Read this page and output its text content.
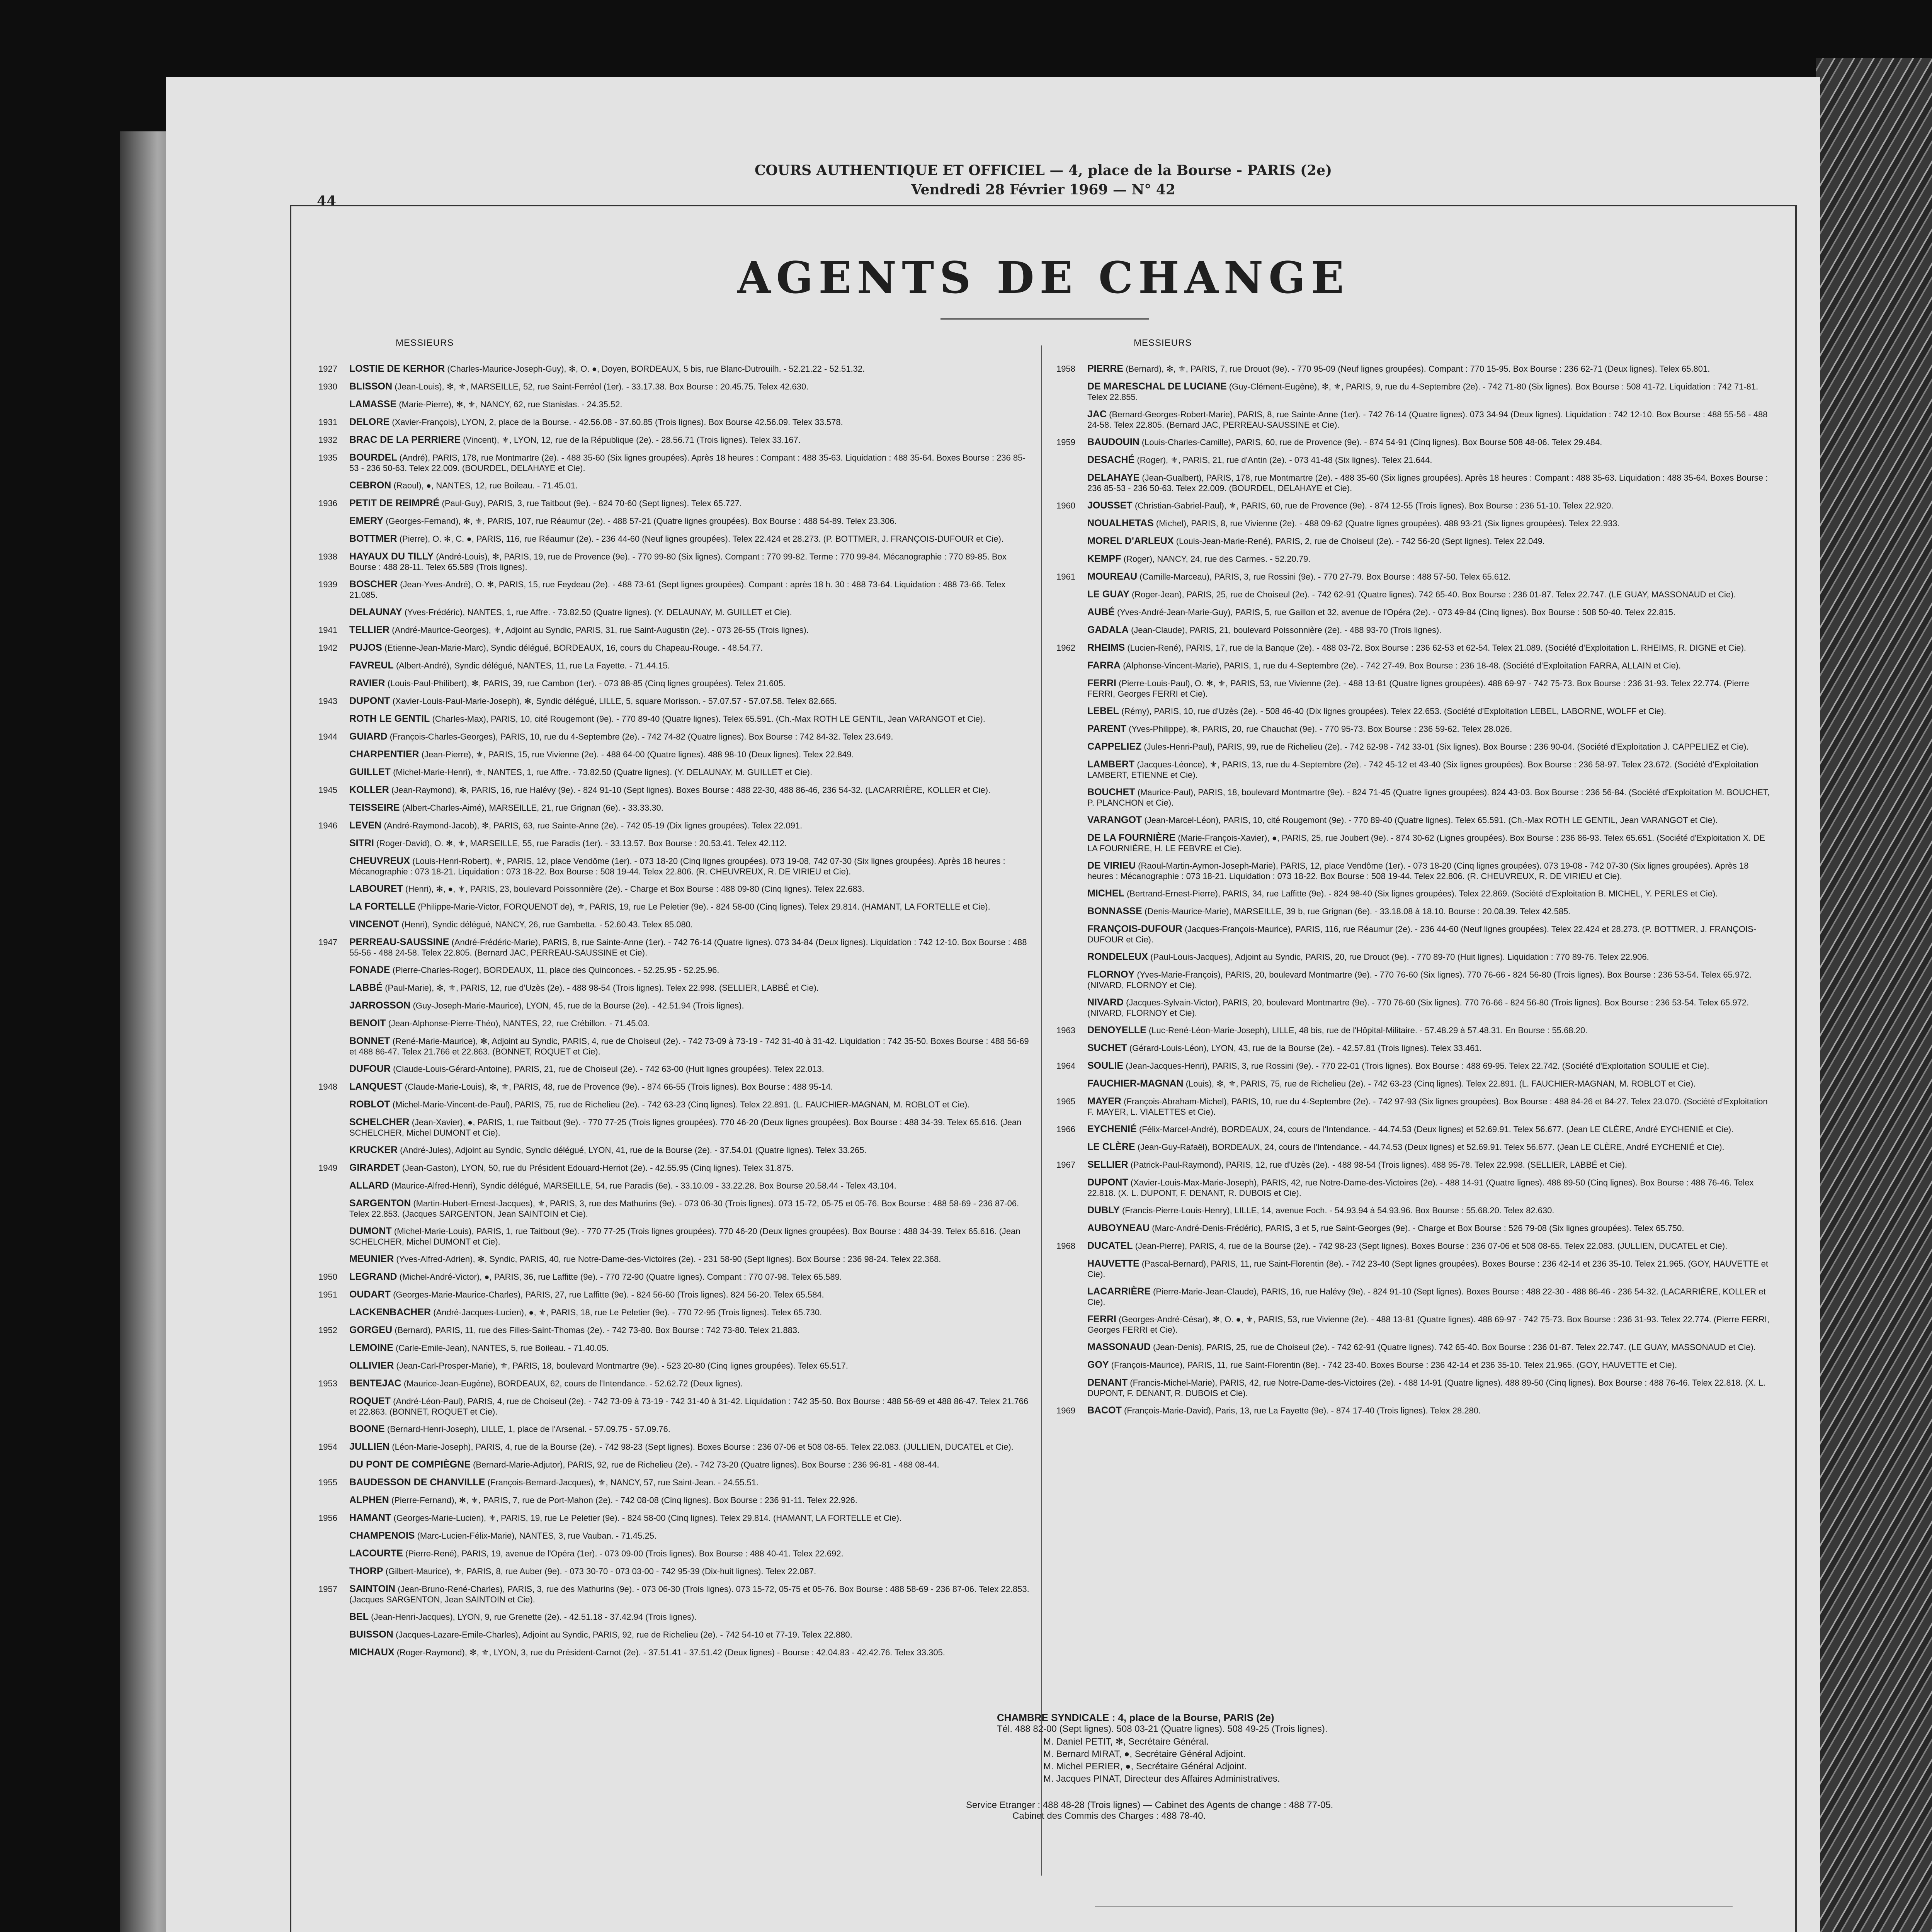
44
COURS AUTHENTIQUE ET OFFICIEL — 4, place de la Bourse - PARIS (2e)
Vendredi 28 Février 1969 — N° 42
AGENTS DE CHANGE
MESSIEURS
1927	LOSTIE DE KERHOR (Charles-Maurice-Joseph-Guy), ✻, O. ●, Doyen, BORDEAUX, 5 bis, rue Blanc-Dutrouilh. - 52.21.22 - 52.51.32.
1930	BLISSON (Jean-Louis), ✻, ⚜, MARSEILLE, 52, rue Saint-Ferréol (1er). - 33.17.38. Box Bourse : 20.45.75. Telex 42.630.
LAMASSE (Marie-Pierre), ✻, ⚜, NANCY, 62, rue Stanislas. - 24.35.52.
1931	DELORE (Xavier-François), LYON, 2, place de la Bourse. - 42.56.08 - 37.60.85 (Trois lignes). Box Bourse 42.56.09. Telex 33.578.
1932	BRAC DE LA PERRIERE (Vincent), ⚜, LYON, 12, rue de la République (2e). - 28.56.71 (Trois lignes). Telex 33.167.
1935	BOURDEL (André), PARIS, 178, rue Montmartre (2e). - 488 35-60 (Six lignes groupées). Après 18 heures : Compant : 488 35-63. Liquidation : 488 35-64. Boxes Bourse : 236 85-53 - 236 50-63. Telex 22.009. (BOURDEL, DELAHAYE et Cie).
CEBRON (Raoul), ●, NANTES, 12, rue Boileau. - 71.45.01.
1936	PETIT DE REIMPRÉ (Paul-Guy), PARIS, 3, rue Taitbout (9e). - 824 70-60 (Sept lignes). Telex 65.727.
EMERY (Georges-Fernand), ✻, ⚜, PARIS, 107, rue Réaumur (2e). - 488 57-21 (Quatre lignes groupées). Box Bourse : 488 54-89. Telex 23.306.
BOTTMER (Pierre), O. ✻, C. ●, PARIS, 116, rue Réaumur (2e). - 236 44-60 (Neuf lignes groupées). Telex 22.424 et 28.273. (P. BOTTMER, J. FRANÇOIS-DUFOUR et Cie).
1938	HAYAUX DU TILLY (André-Louis), ✻, PARIS, 19, rue de Provence (9e). - 770 99-80 (Six lignes). Compant : 770 99-82. Terme : 770 99-84. Mécanographie : 770 89-85. Box Bourse : 488 28-11. Telex 65.589 (Trois lignes).
1939	BOSCHER (Jean-Yves-André), O. ✻, PARIS, 15, rue Feydeau (2e). - 488 73-61 (Sept lignes groupées). Compant : après 18 h. 30 : 488 73-64. Liquidation : 488 73-66. Telex 21.085.
DELAUNAY (Yves-Frédéric), NANTES, 1, rue Affre. - 73.82.50 (Quatre lignes). (Y. DELAUNAY, M. GUILLET et Cie).
1941	TELLIER (André-Maurice-Georges), ⚜, Adjoint au Syndic, PARIS, 31, rue Saint-Augustin (2e). - 073 26-55 (Trois lignes).
1942	PUJOS (Etienne-Jean-Marie-Marc), Syndic délégué, BORDEAUX, 16, cours du Chapeau-Rouge. - 48.54.77.
FAVREUL (Albert-André), Syndic délégué, NANTES, 11, rue La Fayette. - 71.44.15.
RAVIER (Louis-Paul-Philibert), ✻, PARIS, 39, rue Cambon (1er). - 073 88-85 (Cinq lignes groupées). Telex 21.605.
1943	DUPONT (Xavier-Louis-Paul-Marie-Joseph), ✻, Syndic délégué, LILLE, 5, square Morisson. - 57.07.57 - 57.07.58. Telex 82.665.
ROTH LE GENTIL (Charles-Max), PARIS, 10, cité Rougemont (9e). - 770 89-40 (Quatre lignes). Telex 65.591. (Ch.-Max ROTH LE GENTIL, Jean VARANGOT et Cie).
1944	GUIARD (François-Charles-Georges), PARIS, 10, rue du 4-Septembre (2e). - 742 74-82 (Quatre lignes). Box Bourse : 742 84-32. Telex 23.649.
CHARPENTIER (Jean-Pierre), ⚜, PARIS, 15, rue Vivienne (2e). - 488 64-00 (Quatre lignes). 488 98-10 (Deux lignes). Telex 22.849.
GUILLET (Michel-Marie-Henri), ⚜, NANTES, 1, rue Affre. - 73.82.50 (Quatre lignes). (Y. DELAUNAY, M. GUILLET et Cie).
1945	KOLLER (Jean-Raymond), ✻, PARIS, 16, rue Halévy (9e). - 824 91-10 (Sept lignes). Boxes Bourse : 488 22-30, 488 86-46, 236 54-32. (LACARRIÈRE, KOLLER et Cie).
TEISSEIRE (Albert-Charles-Aimé), MARSEILLE, 21, rue Grignan (6e). - 33.33.30.
1946	LEVEN (André-Raymond-Jacob), ✻, PARIS, 63, rue Sainte-Anne (2e). - 742 05-19 (Dix lignes groupées). Telex 22.091.
SITRI (Roger-David), O. ✻, ⚜, MARSEILLE, 55, rue Paradis (1er). - 33.13.57. Box Bourse : 20.53.41. Telex 42.112.
CHEUVREUX (Louis-Henri-Robert), ⚜, PARIS, 12, place Vendôme (1er). - 073 18-20 (Cinq lignes groupées). 073 19-08, 742 07-30 (Six lignes groupées). Après 18 heures : Mécanographie : 073 18-21. Liquidation : 073 18-22. Box Bourse : 508 19-44. Telex 22.806. (R. CHEUVREUX, R. DE VIRIEU et Cie).
LABOURET (Henri), ✻, ●, ⚜, PARIS, 23, boulevard Poissonnière (2e). - Charge et Box Bourse : 488 09-80 (Cinq lignes). Telex 22.683.
LA FORTELLE (Philippe-Marie-Victor, FORQUENOT de), ⚜, PARIS, 19, rue Le Peletier (9e). - 824 58-00 (Cinq lignes). Telex 29.814. (HAMANT, LA FORTELLE et Cie).
VINCENOT (Henri), Syndic délégué, NANCY, 26, rue Gambetta. - 52.60.43. Telex 85.080.
1947	PERREAU-SAUSSINE (André-Frédéric-Marie), PARIS, 8, rue Sainte-Anne (1er). - 742 76-14 (Quatre lignes). 073 34-84 (Deux lignes). Liquidation : 742 12-10. Box Bourse : 488 55-56 - 488 24-58. Telex 22.805. (Bernard JAC, PERREAU-SAUSSINE et Cie).
FONADE (Pierre-Charles-Roger), BORDEAUX, 11, place des Quinconces. - 52.25.95 - 52.25.96.
LABBÉ (Paul-Marie), ✻, ⚜, PARIS, 12, rue d'Uzès (2e). - 488 98-54 (Trois lignes). Telex 22.998. (SELLIER, LABBÉ et Cie).
JARROSSON (Guy-Joseph-Marie-Maurice), LYON, 45, rue de la Bourse (2e). - 42.51.94 (Trois lignes).
BENOIT (Jean-Alphonse-Pierre-Théo), NANTES, 22, rue Crébillon. - 71.45.03.
BONNET (René-Marie-Maurice), ✻, Adjoint au Syndic, PARIS, 4, rue de Choiseul (2e). - 742 73-09 à 73-19 - 742 31-40 à 31-42. Liquidation : 742 35-50. Boxes Bourse : 488 56-69 et 488 86-47. Telex 21.766 et 22.863. (BONNET, ROQUET et Cie).
DUFOUR (Claude-Louis-Gérard-Antoine), PARIS, 21, rue de Choiseul (2e). - 742 63-00 (Huit lignes groupées). Telex 22.013.
1948	LANQUEST (Claude-Marie-Louis), ✻, ⚜, PARIS, 48, rue de Provence (9e). - 874 66-55 (Trois lignes). Box Bourse : 488 95-14.
ROBLOT (Michel-Marie-Vincent-de-Paul), PARIS, 75, rue de Richelieu (2e). - 742 63-23 (Cinq lignes). Telex 22.891. (L. FAUCHIER-MAGNAN, M. ROBLOT et Cie).
SCHELCHER (Jean-Xavier), ●, PARIS, 1, rue Taitbout (9e). - 770 77-25 (Trois lignes groupées). 770 46-20 (Deux lignes groupées). Box Bourse : 488 34-39. Telex 65.616. (Jean SCHELCHER, Michel DUMONT et Cie).
KRUCKER (André-Jules), Adjoint au Syndic, Syndic délégué, LYON, 41, rue de la Bourse (2e). - 37.54.01 (Quatre lignes). Telex 33.265.
1949	GIRARDET (Jean-Gaston), LYON, 50, rue du Président Edouard-Herriot (2e). - 42.55.95 (Cinq lignes). Telex 31.875.
ALLARD (Maurice-Alfred-Henri), Syndic délégué, MARSEILLE, 54, rue Paradis (6e). - 33.10.09 - 33.22.28. Box Bourse 20.58.44 - Telex 43.104.
SARGENTON (Martin-Hubert-Ernest-Jacques), ⚜, PARIS, 3, rue des Mathurins (9e). - 073 06-30 (Trois lignes). 073 15-72, 05-75 et 05-76. Box Bourse : 488 58-69 - 236 87-06. Telex 22.853. (Jacques SARGENTON, Jean SAINTOIN et Cie).
DUMONT (Michel-Marie-Louis), PARIS, 1, rue Taitbout (9e). - 770 77-25 (Trois lignes groupées). 770 46-20 (Deux lignes groupées). Box Bourse : 488 34-39. Telex 65.616. (Jean SCHELCHER, Michel DUMONT et Cie).
MEUNIER (Yves-Alfred-Adrien), ✻, Syndic, PARIS, 40, rue Notre-Dame-des-Victoires (2e). - 231 58-90 (Sept lignes). Box Bourse : 236 98-24. Telex 22.368.
1950	LEGRAND (Michel-André-Victor), ●, PARIS, 36, rue Laffitte (9e). - 770 72-90 (Quatre lignes). Compant : 770 07-98. Telex 65.589.
1951	OUDART (Georges-Marie-Maurice-Charles), PARIS, 27, rue Laffitte (9e). - 824 56-60 (Trois lignes). 824 56-20. Telex 65.584.
LACKENBACHER (André-Jacques-Lucien), ●, ⚜, PARIS, 18, rue Le Peletier (9e). - 770 72-95 (Trois lignes). Telex 65.730.
1952	GORGEU (Bernard), PARIS, 11, rue des Filles-Saint-Thomas (2e). - 742 73-80. Box Bourse : 742 73-80. Telex 21.883.
LEMOINE (Carle-Emile-Jean), NANTES, 5, rue Boileau. - 71.40.05.
OLLIVIER (Jean-Carl-Prosper-Marie), ⚜, PARIS, 18, boulevard Montmartre (9e). - 523 20-80 (Cinq lignes groupées). Telex 65.517.
1953	BENTEJAC (Maurice-Jean-Eugène), BORDEAUX, 62, cours de l'Intendance. - 52.62.72 (Deux lignes).
ROQUET (André-Léon-Paul), PARIS, 4, rue de Choiseul (2e). - 742 73-09 à 73-19 - 742 31-40 à 31-42. Liquidation : 742 35-50. Box Bourse : 488 56-69 et 488 86-47. Telex 21.766 et 22.863. (BONNET, ROQUET et Cie).
BOONE (Bernard-Henri-Joseph), LILLE, 1, place de l'Arsenal. - 57.09.75 - 57.09.76.
1954	JULLIEN (Léon-Marie-Joseph), PARIS, 4, rue de la Bourse (2e). - 742 98-23 (Sept lignes). Boxes Bourse : 236 07-06 et 508 08-65. Telex 22.083. (JULLIEN, DUCATEL et Cie).
DU PONT DE COMPIÈGNE (Bernard-Marie-Adjutor), PARIS, 92, rue de Richelieu (2e). - 742 73-20 (Quatre lignes). Box Bourse : 236 96-81 - 488 08-44.
1955	BAUDESSON DE CHANVILLE (François-Bernard-Jacques), ⚜, NANCY, 57, rue Saint-Jean. - 24.55.51.
ALPHEN (Pierre-Fernand), ✻, ⚜, PARIS, 7, rue de Port-Mahon (2e). - 742 08-08 (Cinq lignes). Box Bourse : 236 91-11. Telex 22.926.
1956	HAMANT (Georges-Marie-Lucien), ⚜, PARIS, 19, rue Le Peletier (9e). - 824 58-00 (Cinq lignes). Telex 29.814. (HAMANT, LA FORTELLE et Cie).
CHAMPENOIS (Marc-Lucien-Félix-Marie), NANTES, 3, rue Vauban. - 71.45.25.
LACOURTE (Pierre-René), PARIS, 19, avenue de l'Opéra (1er). - 073 09-00 (Trois lignes). Box Bourse : 488 40-41. Telex 22.692.
THORP (Gilbert-Maurice), ⚜, PARIS, 8, rue Auber (9e). - 073 30-70 - 073 03-00 - 742 95-39 (Dix-huit lignes). Telex 22.087.
1957	SAINTOIN (Jean-Bruno-René-Charles), PARIS, 3, rue des Mathurins (9e). - 073 06-30 (Trois lignes). 073 15-72, 05-75 et 05-76. Box Bourse : 488 58-69 - 236 87-06. Telex 22.853. (Jacques SARGENTON, Jean SAINTOIN et Cie).
BEL (Jean-Henri-Jacques), LYON, 9, rue Grenette (2e). - 42.51.18 - 37.42.94 (Trois lignes).
BUISSON (Jacques-Lazare-Emile-Charles), Adjoint au Syndic, PARIS, 92, rue de Richelieu (2e). - 742 54-10 et 77-19. Telex 22.880.
MICHAUX (Roger-Raymond), ✻, ⚜, LYON, 3, rue du Président-Carnot (2e). - 37.51.41 - 37.51.42 (Deux lignes) - Bourse : 42.04.83 - 42.42.76. Telex 33.305.
MESSIEURS
1958	PIERRE (Bernard), ✻, ⚜, PARIS, 7, rue Drouot (9e). - 770 95-09 (Neuf lignes groupées). Compant : 770 15-95. Box Bourse : 236 62-71 (Deux lignes). Telex 65.801.
DE MARESCHAL DE LUCIANE (Guy-Clément-Eugène), ✻, ⚜, PARIS, 9, rue du 4-Septembre (2e). - 742 71-80 (Six lignes). Box Bourse : 508 41-72. Liquidation : 742 71-81. Telex 22.855.
JAC (Bernard-Georges-Robert-Marie), PARIS, 8, rue Sainte-Anne (1er). - 742 76-14 (Quatre lignes). 073 34-94 (Deux lignes). Liquidation : 742 12-10. Box Bourse : 488 55-56 - 488 24-58. Telex 22.805. (Bernard JAC, PERREAU-SAUSSINE et Cie).
1959	BAUDOUIN (Louis-Charles-Camille), PARIS, 60, rue de Provence (9e). - 874 54-91 (Cinq lignes). Box Bourse 508 48-06. Telex 29.484.
DESACHÉ (Roger), ⚜, PARIS, 21, rue d'Antin (2e). - 073 41-48 (Six lignes). Telex 21.644.
DELAHAYE (Jean-Gualbert), PARIS, 178, rue Montmartre (2e). - 488 35-60 (Six lignes groupées). Après 18 heures : Compant : 488 35-63. Liquidation : 488 35-64. Boxes Bourse : 236 85-53 - 236 50-63. Telex 22.009. (BOURDEL, DELAHAYE et Cie).
1960	JOUSSET (Christian-Gabriel-Paul), ⚜, PARIS, 60, rue de Provence (9e). - 874 12-55 (Trois lignes). Box Bourse : 236 51-10. Telex 22.920.
NOUALHETAS (Michel), PARIS, 8, rue Vivienne (2e). - 488 09-62 (Quatre lignes groupées). 488 93-21 (Six lignes groupées). Telex 22.933.
MOREL D'ARLEUX (Louis-Jean-Marie-René), PARIS, 2, rue de Choiseul (2e). - 742 56-20 (Sept lignes). Telex 22.049.
KEMPF (Roger), NANCY, 24, rue des Carmes. - 52.20.79.
1961	MOUREAU (Camille-Marceau), PARIS, 3, rue Rossini (9e). - 770 27-79. Box Bourse : 488 57-50. Telex 65.612.
LE GUAY (Roger-Jean), PARIS, 25, rue de Choiseul (2e). - 742 62-91 (Quatre lignes). 742 65-40. Box Bourse : 236 01-87. Telex 22.747. (LE GUAY, MASSONAUD et Cie).
AUBÉ (Yves-André-Jean-Marie-Guy), PARIS, 5, rue Gaillon et 32, avenue de l'Opéra (2e). - 073 49-84 (Cinq lignes). Box Bourse : 508 50-40. Telex 22.815.
GADALA (Jean-Claude), PARIS, 21, boulevard Poissonnière (2e). - 488 93-70 (Trois lignes).
1962	RHEIMS (Lucien-René), PARIS, 17, rue de la Banque (2e). - 488 03-72. Box Bourse : 236 62-53 et 62-54. Telex 21.089. (Société d'Exploitation L. RHEIMS, R. DIGNE et Cie).
FARRA (Alphonse-Vincent-Marie), PARIS, 1, rue du 4-Septembre (2e). - 742 27-49. Box Bourse : 236 18-48. (Société d'Exploitation FARRA, ALLAIN et Cie).
FERRI (Pierre-Louis-Paul), O. ✻, ⚜, PARIS, 53, rue Vivienne (2e). - 488 13-81 (Quatre lignes groupées). 488 69-97 - 742 75-73. Box Bourse : 236 31-93. Telex 22.774. (Pierre FERRI, Georges FERRI et Cie).
LEBEL (Rémy), PARIS, 10, rue d'Uzès (2e). - 508 46-40 (Dix lignes groupées). Telex 22.653. (Société d'Exploitation LEBEL, LABORNE, WOLFF et Cie).
PARENT (Yves-Philippe), ✻, PARIS, 20, rue Chauchat (9e). - 770 95-73. Box Bourse : 236 59-62. Telex 28.026.
CAPPELIEZ (Jules-Henri-Paul), PARIS, 99, rue de Richelieu (2e). - 742 62-98 - 742 33-01 (Six lignes). Box Bourse : 236 90-04. (Société d'Exploitation J. CAPPELIEZ et Cie).
LAMBERT (Jacques-Léonce), ⚜, PARIS, 13, rue du 4-Septembre (2e). - 742 45-12 et 43-40 (Six lignes groupées). Box Bourse : 236 58-97. Telex 23.672. (Société d'Exploitation LAMBERT, ETIENNE et Cie).
BOUCHET (Maurice-Paul), PARIS, 18, boulevard Montmartre (9e). - 824 71-45 (Quatre lignes groupées). 824 43-03. Box Bourse : 236 56-84. (Société d'Exploitation M. BOUCHET, P. PLANCHON et Cie).
VARANGOT (Jean-Marcel-Léon), PARIS, 10, cité Rougemont (9e). - 770 89-40 (Quatre lignes). Telex 65.591. (Ch.-Max ROTH LE GENTIL, Jean VARANGOT et Cie).
DE LA FOURNIÈRE (Marie-François-Xavier), ●, PARIS, 25, rue Joubert (9e). - 874 30-62 (Lignes groupées). Box Bourse : 236 86-93. Telex 65.651. (Société d'Exploitation X. DE LA FOURNIÈRE, H. LE FEBVRE et Cie).
DE VIRIEU (Raoul-Martin-Aymon-Joseph-Marie), PARIS, 12, place Vendôme (1er). - 073 18-20 (Cinq lignes groupées). 073 19-08 - 742 07-30 (Six lignes groupées). Après 18 heures : Mécanographie : 073 18-21. Liquidation : 073 18-22. Box Bourse : 508 19-44. Telex 22.806. (R. CHEUVREUX, R. DE VIRIEU et Cie).
MICHEL (Bertrand-Ernest-Pierre), PARIS, 34, rue Laffitte (9e). - 824 98-40 (Six lignes groupées). Telex 22.869. (Société d'Exploitation B. MICHEL, Y. PERLES et Cie).
BONNASSE (Denis-Maurice-Marie), MARSEILLE, 39 b, rue Grignan (6e). - 33.18.08 à 18.10. Bourse : 20.08.39. Telex 42.585.
FRANÇOIS-DUFOUR (Jacques-François-Maurice), PARIS, 116, rue Réaumur (2e). - 236 44-60 (Neuf lignes groupées). Telex 22.424 et 28.273. (P. BOTTMER, J. FRANÇOIS-DUFOUR et Cie).
RONDELEUX (Paul-Louis-Jacques), Adjoint au Syndic, PARIS, 20, rue Drouot (9e). - 770 89-70 (Huit lignes). Liquidation : 770 89-76. Telex 22.906.
FLORNOY (Yves-Marie-François), PARIS, 20, boulevard Montmartre (9e). - 770 76-60 (Six lignes). 770 76-66 - 824 56-80 (Trois lignes). Box Bourse : 236 53-54. Telex 65.972. (NIVARD, FLORNOY et Cie).
NIVARD (Jacques-Sylvain-Victor), PARIS, 20, boulevard Montmartre (9e). - 770 76-60 (Six lignes). 770 76-66 - 824 56-80 (Trois lignes). Box Bourse : 236 53-54. Telex 65.972. (NIVARD, FLORNOY et Cie).
1963	DENOYELLE (Luc-René-Léon-Marie-Joseph), LILLE, 48 bis, rue de l'Hôpital-Militaire. - 57.48.29 à 57.48.31. En Bourse : 55.68.20.
SUCHET (Gérard-Louis-Léon), LYON, 43, rue de la Bourse (2e). - 42.57.81 (Trois lignes). Telex 33.461.
1964	SOULIE (Jean-Jacques-Henri), PARIS, 3, rue Rossini (9e). - 770 22-01 (Trois lignes). Box Bourse : 488 69-95. Telex 22.742. (Société d'Exploitation SOULIE et Cie).
FAUCHIER-MAGNAN (Louis), ✻, ⚜, PARIS, 75, rue de Richelieu (2e). - 742 63-23 (Cinq lignes). Telex 22.891. (L. FAUCHIER-MAGNAN, M. ROBLOT et Cie).
1965	MAYER (François-Abraham-Michel), PARIS, 10, rue du 4-Septembre (2e). - 742 97-93 (Six lignes groupées). Box Bourse : 488 84-26 et 84-27. Telex 23.070. (Société d'Exploitation F. MAYER, L. VIALETTES et Cie).
1966	EYCHENIÉ (Félix-Marcel-André), BORDEAUX, 24, cours de l'Intendance. - 44.74.53 (Deux lignes) et 52.69.91. Telex 56.677. (Jean LE CLÈRE, André EYCHENIÉ et Cie).
LE CLÈRE (Jean-Guy-Rafaël), BORDEAUX, 24, cours de l'Intendance. - 44.74.53 (Deux lignes) et 52.69.91. Telex 56.677. (Jean LE CLÈRE, André EYCHENIÉ et Cie).
1967	SELLIER (Patrick-Paul-Raymond), PARIS, 12, rue d'Uzès (2e). - 488 98-54 (Trois lignes). 488 95-78. Telex 22.998. (SELLIER, LABBÉ et Cie).
DUPONT (Xavier-Louis-Max-Marie-Joseph), PARIS, 42, rue Notre-Dame-des-Victoires (2e). - 488 14-91 (Quatre lignes). 488 89-50 (Cinq lignes). Box Bourse : 488 76-46. Telex 22.818. (X. L. DUPONT, F. DENANT, R. DUBOIS et Cie).
DUBLY (Francis-Pierre-Louis-Henry), LILLE, 14, avenue Foch. - 54.93.94 à 54.93.96. Box Bourse : 55.68.20. Telex 82.630.
AUBOYNEAU (Marc-André-Denis-Frédéric), PARIS, 3 et 5, rue Saint-Georges (9e). - Charge et Box Bourse : 526 79-08 (Six lignes groupées). Telex 65.750.
1968	DUCATEL (Jean-Pierre), PARIS, 4, rue de la Bourse (2e). - 742 98-23 (Sept lignes). Boxes Bourse : 236 07-06 et 508 08-65. Telex 22.083. (JULLIEN, DUCATEL et Cie).
HAUVETTE (Pascal-Bernard), PARIS, 11, rue Saint-Florentin (8e). - 742 23-40 (Sept lignes groupées). Boxes Bourse : 236 42-14 et 236 35-10. Telex 21.965. (GOY, HAUVETTE et Cie).
LACARRIÈRE (Pierre-Marie-Jean-Claude), PARIS, 16, rue Halévy (9e). - 824 91-10 (Sept lignes). Boxes Bourse : 488 22-30 - 488 86-46 - 236 54-32. (LACARRIÈRE, KOLLER et Cie).
FERRI (Georges-André-César), ✻, O. ●, ⚜, PARIS, 53, rue Vivienne (2e). - 488 13-81 (Quatre lignes). 488 69-97 - 742 75-73. Box Bourse : 236 31-93. Telex 22.774. (Pierre FERRI, Georges FERRI et Cie).
MASSONAUD (Jean-Denis), PARIS, 25, rue de Choiseul (2e). - 742 62-91 (Quatre lignes). 742 65-40. Box Bourse : 236 01-87. Telex 22.747. (LE GUAY, MASSONAUD et Cie).
GOY (François-Maurice), PARIS, 11, rue Saint-Florentin (8e). - 742 23-40. Boxes Bourse : 236 42-14 et 236 35-10. Telex 21.965. (GOY, HAUVETTE et Cie).
DENANT (Francis-Michel-Marie), PARIS, 42, rue Notre-Dame-des-Victoires (2e). - 488 14-91 (Quatre lignes). 488 89-50 (Cinq lignes). Box Bourse : 488 76-46. Telex 22.818. (X. L. DUPONT, F. DENANT, R. DUBOIS et Cie).
1969	BACOT (François-Marie-David), Paris, 13, rue La Fayette (9e). - 874 17-40 (Trois lignes). Telex 28.280.
CHAMBRE SYNDICALE : 4, place de la Bourse, PARIS (2e)
Tél. 488 82-00 (Sept lignes). 508 03-21 (Quatre lignes). 508 49-25 (Trois lignes).
M. Daniel PETIT, ✻, Secrétaire Général.
M. Bernard MIRAT, ●, Secrétaire Général Adjoint.
M. Michel PERIER, ●, Secrétaire Général Adjoint.
M. Jacques PINAT, Directeur des Affaires Administratives.
Service Etranger : 488 48-28 (Trois lignes) — Cabinet des Agents de change : 488 77-05.
Cabinet des Commis des Charges : 488 78-40.
